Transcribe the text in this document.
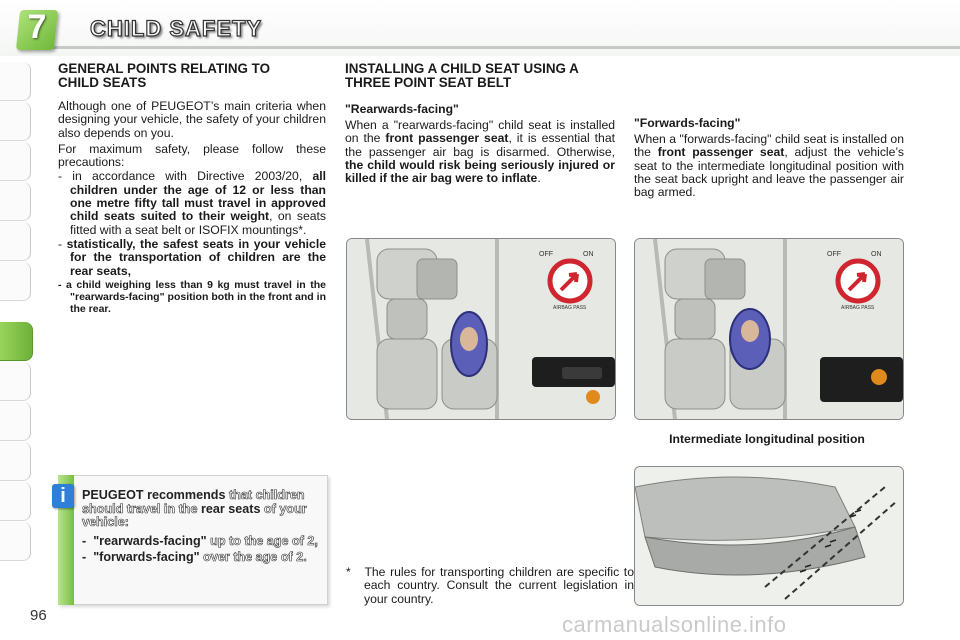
7	CHILD SAFETY
GENERAL POINTS RELATING TO CHILD SEATS
Although one of PEUGEOT’s main criteria when designing your vehicle, the safety of your children also depends on you.
For maximum safety, please follow these precautions:
- in accordance with Directive 2003/20, all children under the age of 12 or less than one metre fifty tall must travel in approved child seats suited to their weight, on seats fitted with a seat belt or ISOFIX mountings*.
- statistically, the safest seats in your vehicle for the transportation of children are the rear seats,
- a child weighing less than 9 kg must travel in the "rearwards-facing" position both in the front and in the rear.
i	PEUGEOT recommends that children should travel in the rear seats of your vehicle:
-  "rearwards-facing" up to the age of 2,
-  "forwards-facing" over the age of 2.
INSTALLING A CHILD SEAT USING A THREE POINT SEAT BELT
"Rearwards-facing"
When a "rearwards-facing" child seat is installed on the front passenger seat, it is essential that the passenger air bag is disarmed. Otherwise, the child would risk being seriously injured or killed if the air bag were to inflate.
"Forwards-facing"
When a "forwards-facing" child seat is installed on the front passenger seat, adjust the vehicle’s seat to the intermediate longitudinal position with the seat back upright and leave the passenger air bag armed.
OFF	ON
AIRBAG PASS
OFF	ON
AIRBAG PASS
Intermediate longitudinal position
* The rules for transporting children are specific to each country. Consult the current legislation in your country.
96	carmanualsonline.info
